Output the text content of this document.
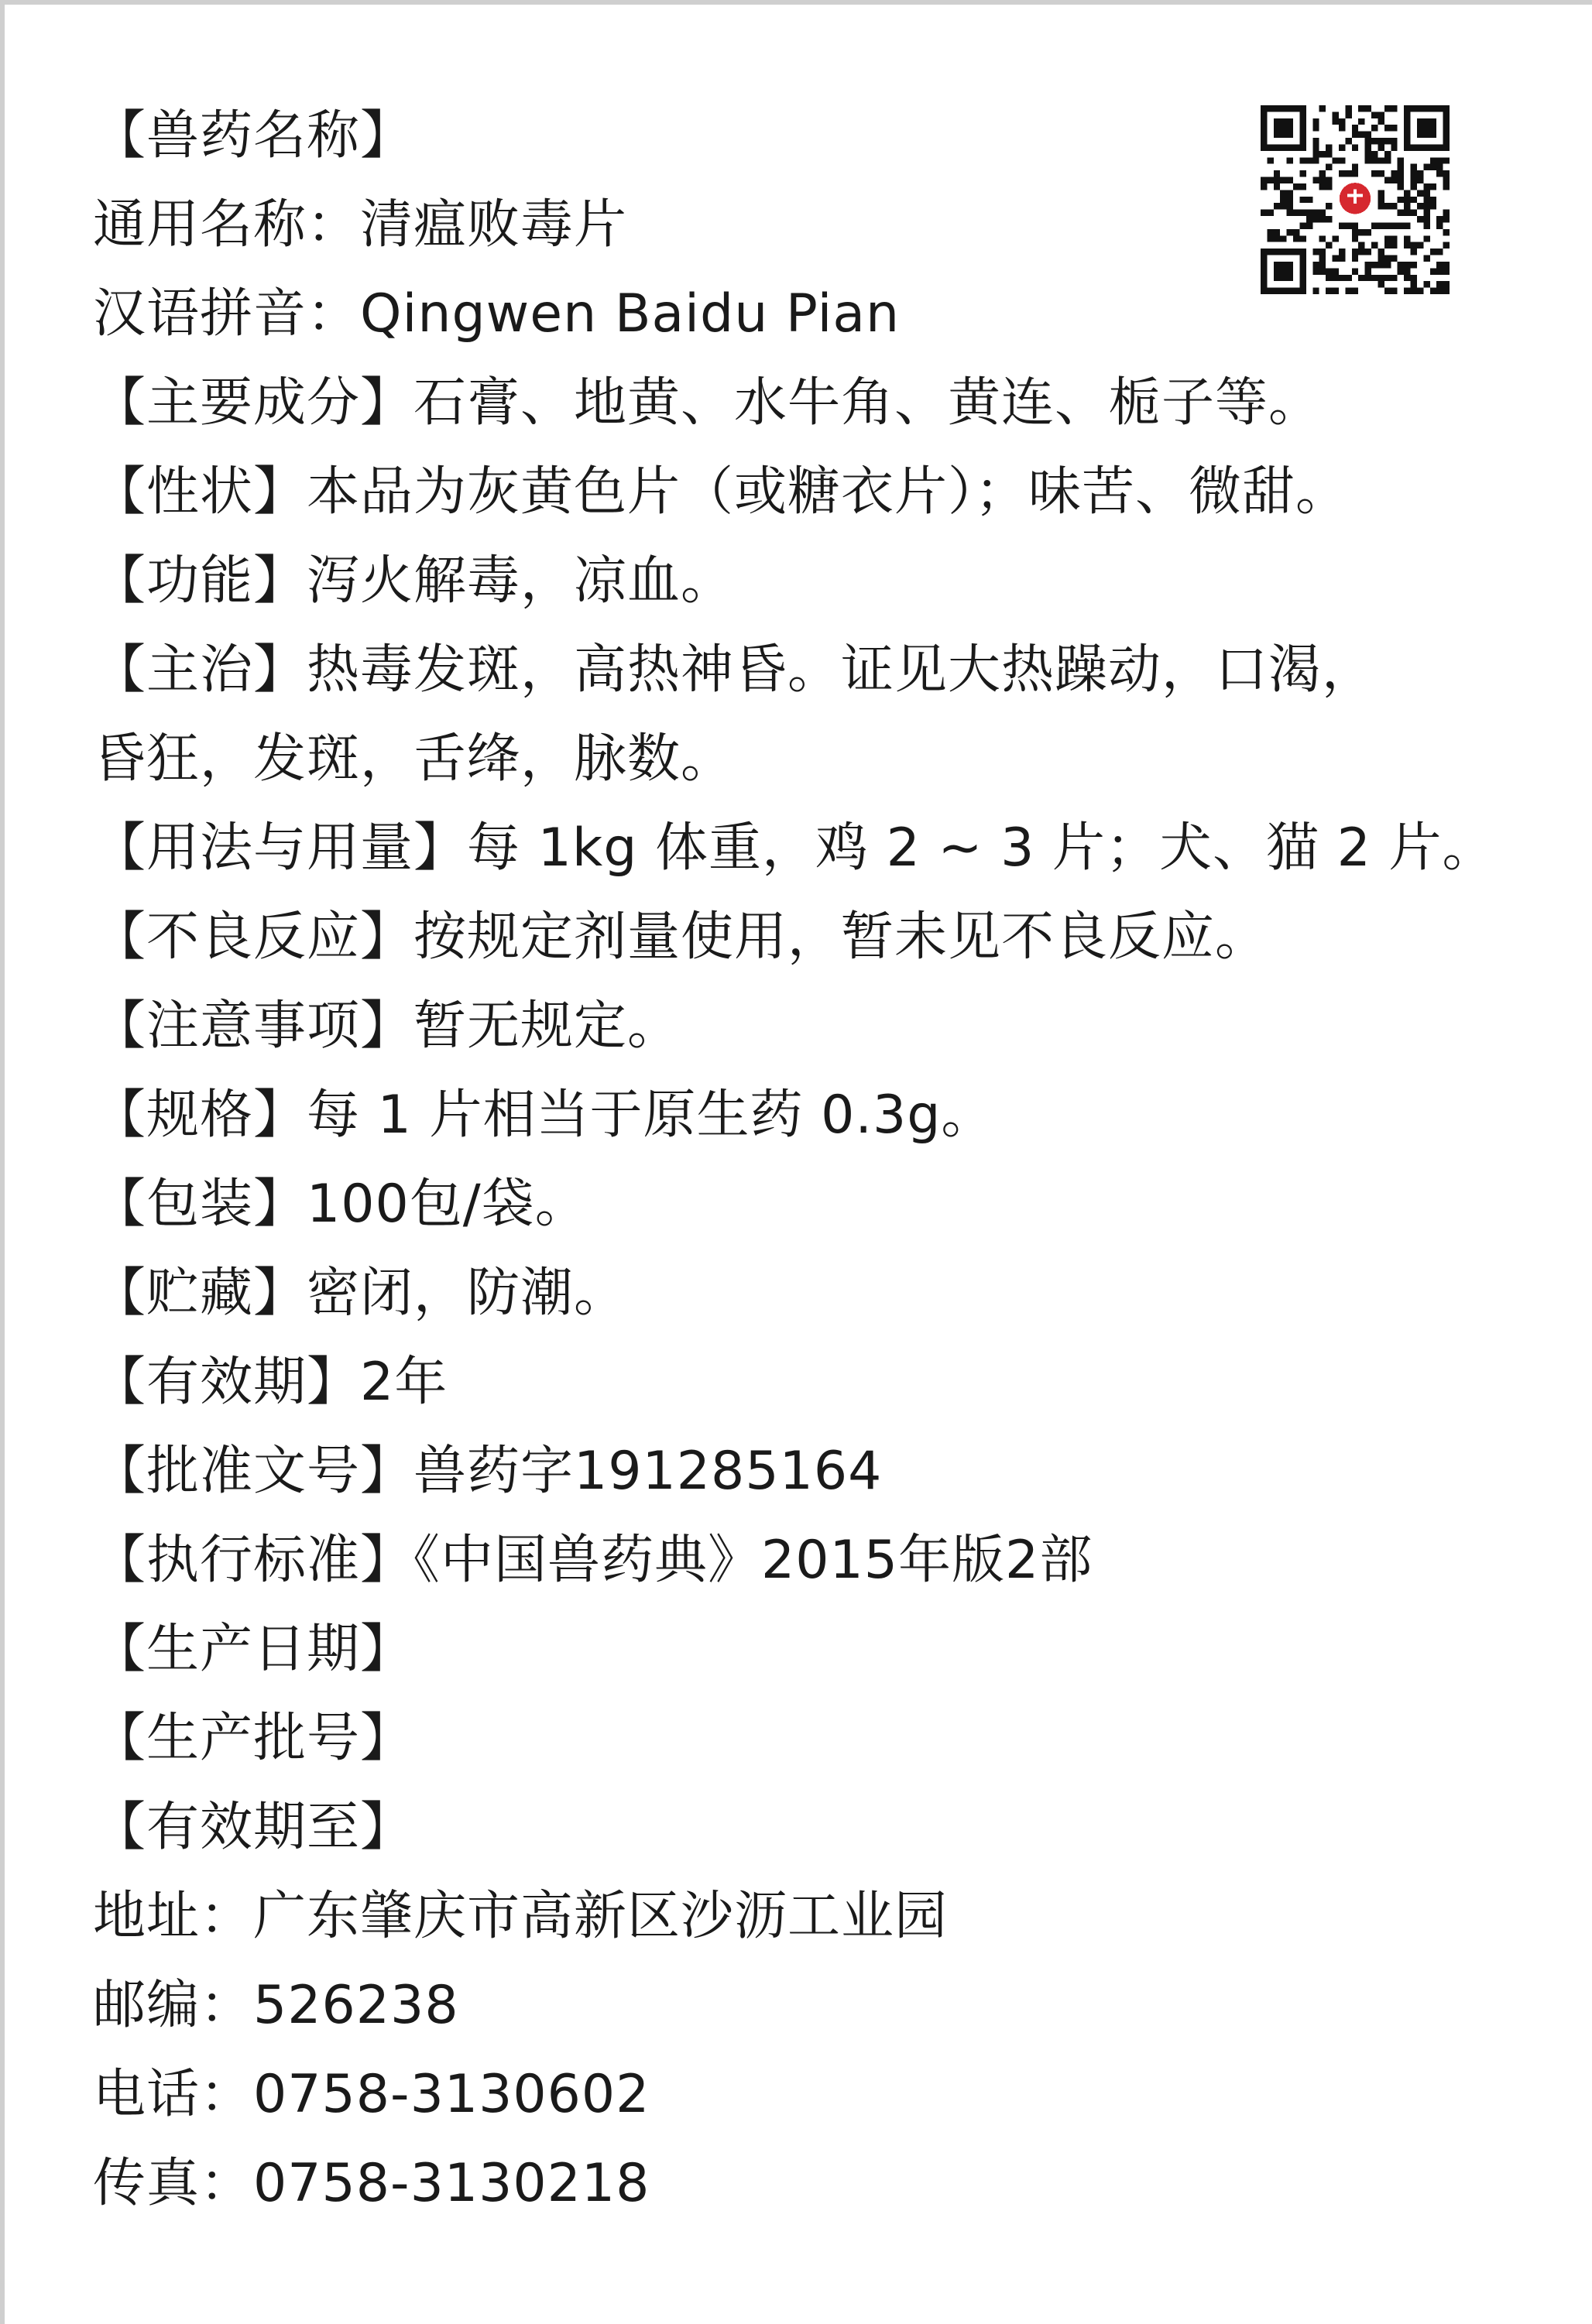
【兽药名称】
通用名称：清瘟败毒片
汉语拼音：Qingwen Baidu Pian
【主要成分】石膏、地黄、水牛角、黄连、栀子等。
【性状】本品为灰黄色片（或糖衣片）；味苦、微甜。
【功能】泻火解毒，凉血。
【主治】热毒发斑，高热神昏。证见大热躁动，口渴，
昏狂，发斑，舌绛，脉数。
【用法与用量】每 1kg 体重，鸡 2 ~ 3 片；犬、猫 2 片。
【不良反应】按规定剂量使用，暂未见不良反应。
【注意事项】暂无规定。
【规格】每 1 片相当于原生药 0.3g。
【包装】100包/袋。
【贮藏】密闭，防潮。
【有效期】2年
【批准文号】兽药字191285164
【执行标准】《中国兽药典》2015年版2部
【生产日期】
【生产批号】
【有效期至】
地址：广东肇庆市高新区沙沥工业园
邮编：526238
电话：0758-3130602
传真：0758-3130218
